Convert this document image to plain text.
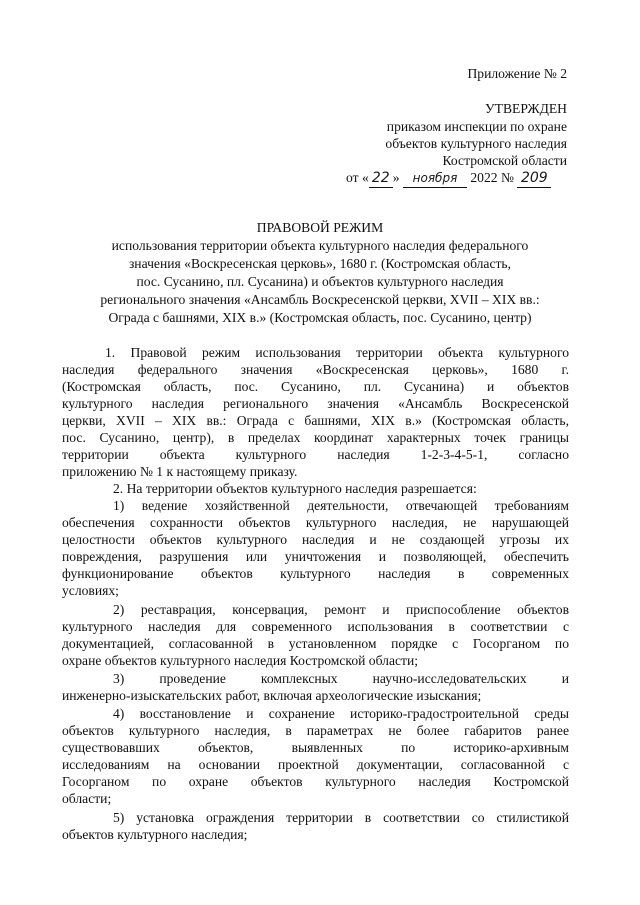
Приложение № 2
УТВЕРЖДЕН
приказом инспекции по охране
объектов культурного наследия
Костромской области
от « 22 » ноября 2022 № 209
ПРАВОВОЙ РЕЖИМ
использования территории объекта культурного наследия федерального
значения «Воскресенская церковь», 1680 г. (Костромская область,
пос. Сусанино, пл. Сусанина) и объектов культурного наследия
регионального значения «Ансамбль Воскресенской церкви, XVII – XIX вв.:
Ограда с башнями, XIX в.» (Костромская область, пос. Сусанино, центр)
1. Правовой режим использования территории объекта культурного
наследия федерального значения «Воскресенская церковь», 1680 г.
(Костромская область, пос. Сусанино, пл. Сусанина) и объектов
культурного наследия регионального значения «Ансамбль Воскресенской
церкви, XVII – XIX вв.: Ограда с башнями, XIX в.» (Костромская область,
пос. Сусанино, центр), в пределах координат характерных точек границы
территории объекта культурного наследия 1-2-3-4-5-1, согласно
приложению № 1 к настоящему приказу.
2. На территории объектов культурного наследия разрешается:
1) ведение хозяйственной деятельности, отвечающей требованиям
обеспечения сохранности объектов культурного наследия, не нарушающей
целостности объектов культурного наследия и не создающей угрозы их
повреждения, разрушения или уничтожения и позволяющей, обеспечить
функционирование объектов культурного наследия в современных
условиях;
2) реставрация, консервация, ремонт и приспособление объектов
культурного наследия для современного использования в соответствии с
документацией, согласованной в установленном порядке с Госорганом по
охране объектов культурного наследия Костромской области;
3) проведение комплексных научно-исследовательских и
инженерно-изыскательских работ, включая археологические изыскания;
4) восстановление и сохранение историко-градостроительной среды
объектов культурного наследия, в параметрах не более габаритов ранее
существовавших объектов, выявленных по историко-архивным
исследованиям на основании проектной документации, согласованной с
Госорганом по охране объектов культурного наследия Костромской
области;
5) установка ограждения территории в соответствии со стилистикой
объектов культурного наследия;
